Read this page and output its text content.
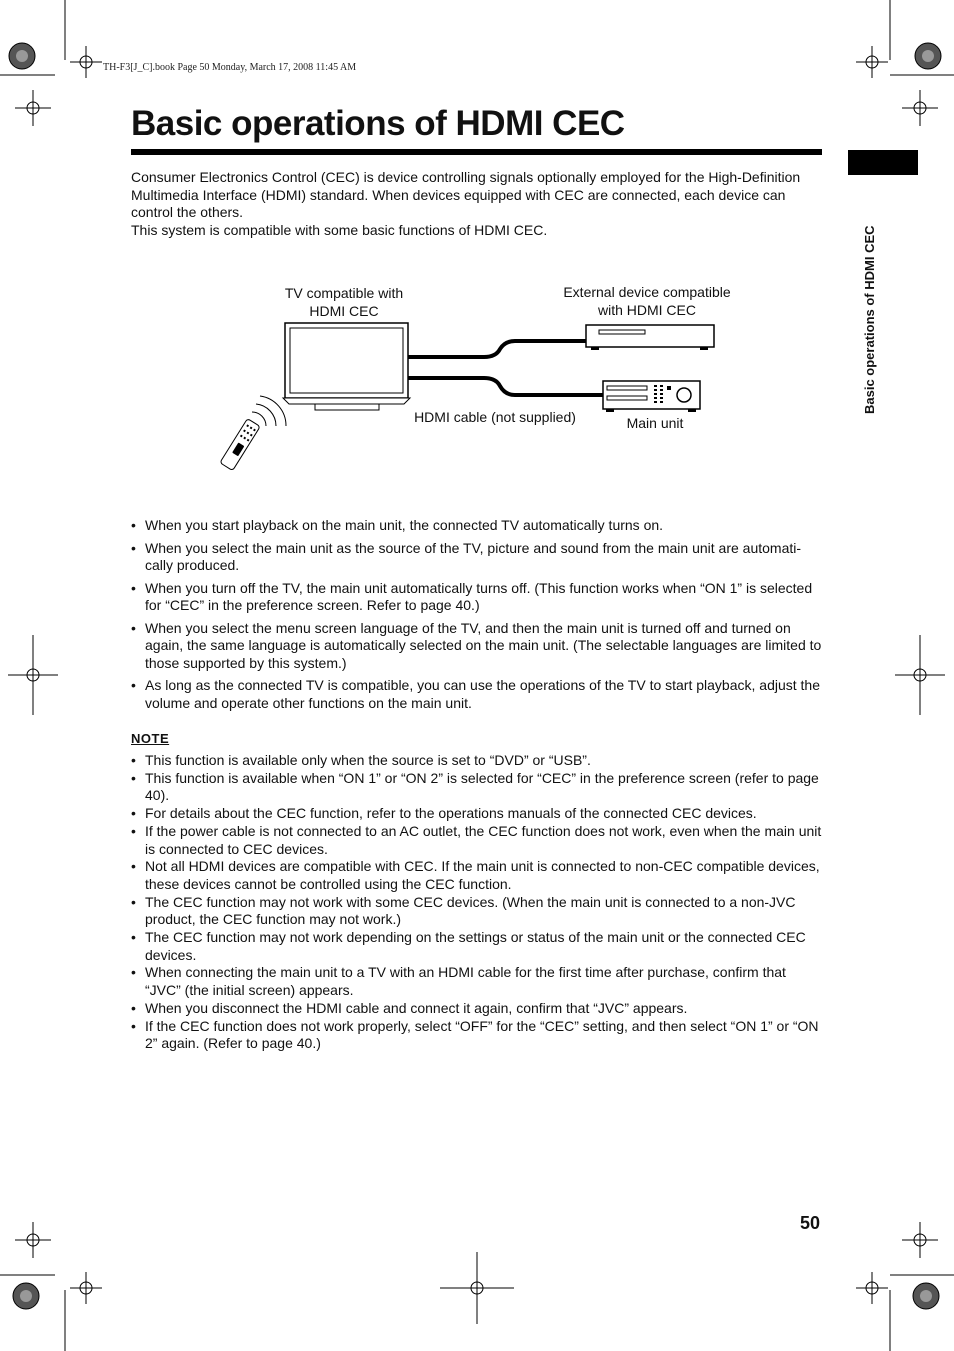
TH-F3[J_C].book Page 50 Monday, March 17, 2008 11:45 AM
Basic operations of HDMI CEC
Basic operations of HDMI CEC

Consumer Electronics Control (CEC) is device controlling signals optionally employed for the High-Definition Multimedia Interface (HDMI) standard. When devices equipped with CEC are connected, each device can control the others.

This system is compatible with some basic functions of HDMI CEC.

TV compatible with
HDMI CEC
External device compatible
with HDMI CEC
HDMI cable (not supplied)	Main unit
• When you start playback on the main unit, the connected TV automatically turns on.
• When you select the main unit as the source of the TV, picture and sound from the main unit are automati-cally produced.
• When you turn off the TV, the main unit automatically turns off. (This function works when “ON 1” is selected for “CEC” in the preference screen. Refer to page 40.)
• When you select the menu screen language of the TV, and then the main unit is turned off and turned on again, the same language is automatically selected on the main unit. (The selectable languages are limited to those supported by this system.)
• As long as the connected TV is compatible, you can use the operations of the TV to start playback, adjust the volume and operate other functions on the main unit.
NOTE
• This function is available only when the source is set to “DVD” or “USB”.
• This function is available when “ON 1” or “ON 2” is selected for “CEC” in the preference screen (refer to page 40).
• For details about the CEC function, refer to the operations manuals of the connected CEC devices.
• If the power cable is not connected to an AC outlet, the CEC function does not work, even when the main unit is connected to CEC devices.
• Not all HDMI devices are compatible with CEC. If the main unit is connected to non-CEC compatible devices, these devices cannot be controlled using the CEC function.
• The CEC function may not work with some CEC devices. (When the main unit is connected to a non-JVC product, the CEC function may not work.)
• The CEC function may not work depending on the settings or status of the main unit or the connected CEC devices.
• When connecting the main unit to a TV with an HDMI cable for the first time after purchase, confirm that “JVC” (the initial screen) appears.
• When you disconnect the HDMI cable and connect it again, confirm that “JVC” appears.
• If the CEC function does not work properly, select “OFF” for the “CEC” setting, and then select “ON 1” or “ON 2” again. (Refer to page 40.)
50
